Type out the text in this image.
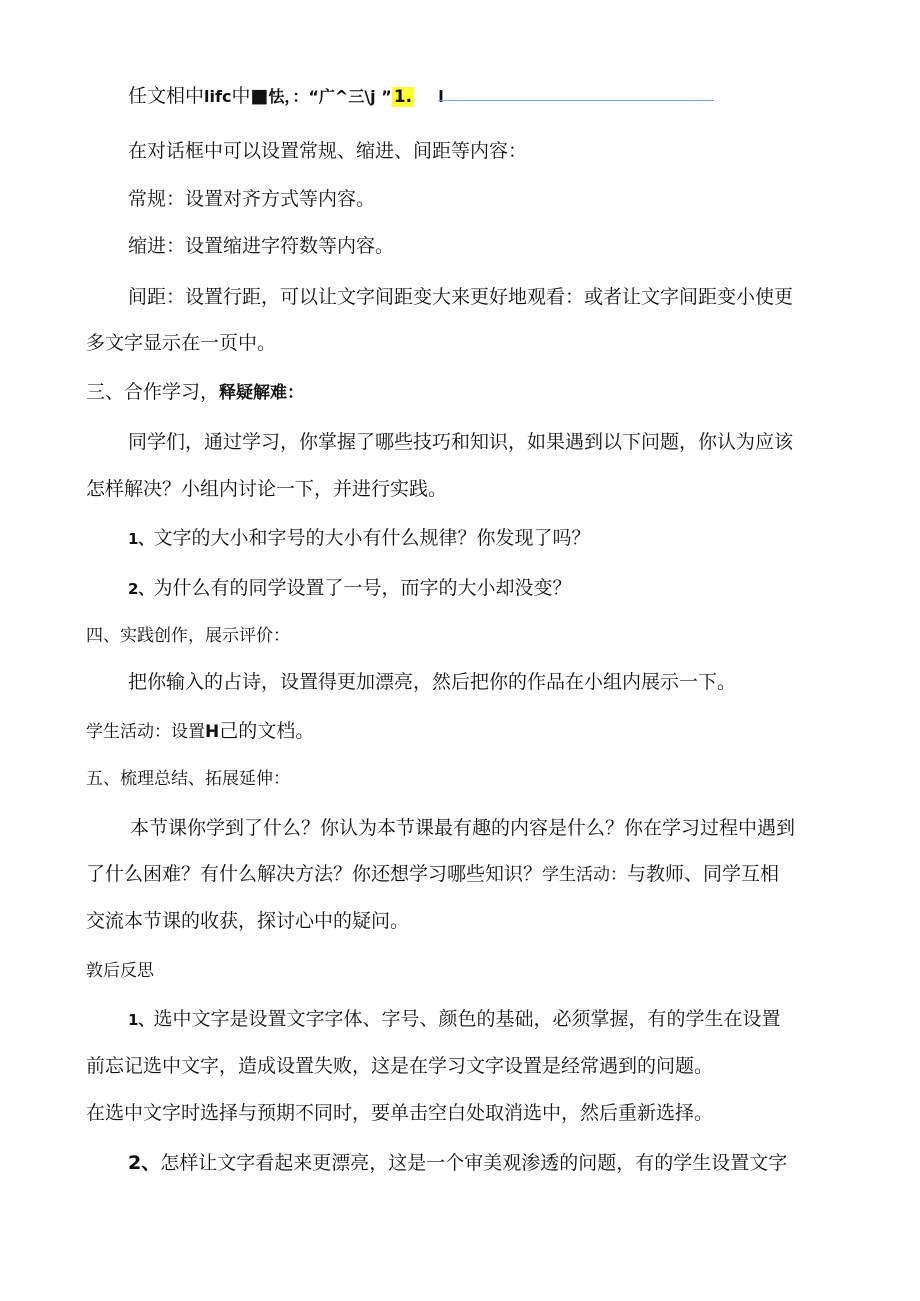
任文相中lifc中■怯，：“广^三\j ” 1. l
在对话框中可以设置常规、缩进、间距等内容：
常规：设置对齐方式等内容。
缩进：设置缩进字符数等内容。
间距：设置行距，可以让文字间距变大来更好地观看：或者让文字间距变小使更
多文字显示在一页中。
三、合作学习，释疑解难：
同学们，通过学习，你掌握了哪些技巧和知识，如果遇到以下问题，你认为应该
怎样解决？小组内讨论一下，并进行实践。
1、文字的大小和字号的大小有什么规律？你发现了吗？
2、为什么有的同学设置了一号，而字的大小却没变？
四、实践创作，展示评价：
把你输入的占诗，设置得更加漂亮，然后把你的作品在小组内展示一下。
学生活动：设置H己的文档。
五、梳理总结、拓展延伸：
本节课你学到了什么？你认为本节课最有趣的内容是什么？你在学习过程中遇到
了什么困难？有什么解决方法？你还想学习哪些知识？学生活动：与教师、同学互相
交流本节课的收获，探讨心中的疑问。
敦后反思
1、选中文字是设置文字字体、字号、颜色的基础，必须掌握，有的学生在设置
前忘记选中文字，造成设置失败，这是在学习文字设置是经常遇到的问题。
在选中文字时选择与预期不同时，要单击空白处取消选中，然后重新选择。
2、怎样让文字看起来更漂亮，这是一个审美观渗透的问题，有的学生设置文字
